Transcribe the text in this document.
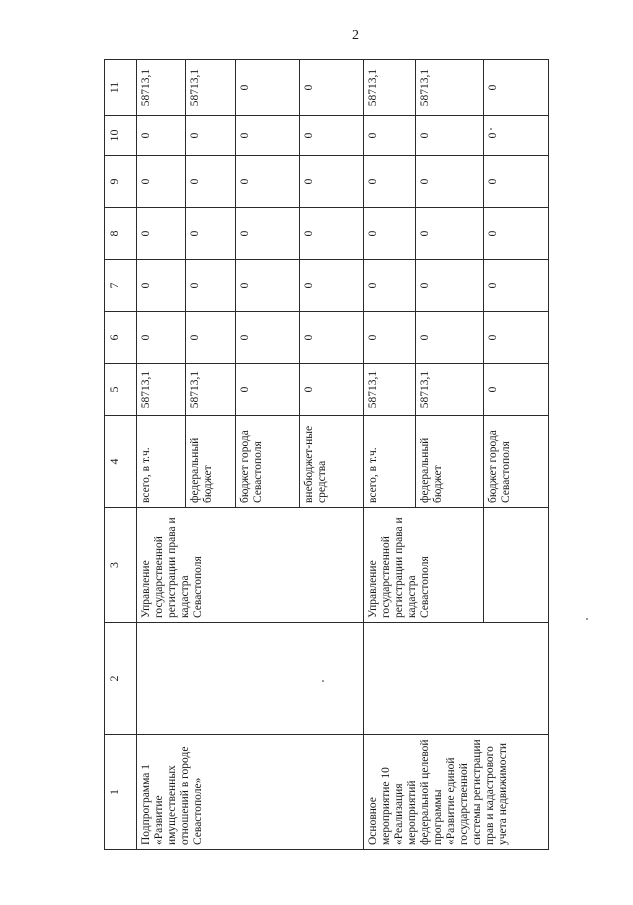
2
1	2	3	4	5	6	7	8	9	10	11
Подпрограмма 1 «Развитие имущественных отношений в городе Севастополе»		Управление государственной регистрации права и кадастра Севастополя	всего, в т.ч.	58713,1	0	0	0	0	0	58713,1
			федеральный бюджет	58713,1	0	0	0	0	0	58713,1
			бюджет города Севастополя	0	0	0	0	0	0	0
			внебюджет-ные средства	0	0	0	0	0	0	0
Основное мероприятие 10 «Реализация мероприятий федеральной целевой программы «Развитие единой государственной системы регистрации прав и кадастрового учета недвижимости		Управление государственной регистрации права и кадастра Севастополя	всего, в т.ч.	58713,1	0	0	0	0	0	58713,1
			федеральный бюджет	58713,1	0	0	0	0	0	58713,1
			бюджет города Севастополя	0	0	0	0	0	0	0
